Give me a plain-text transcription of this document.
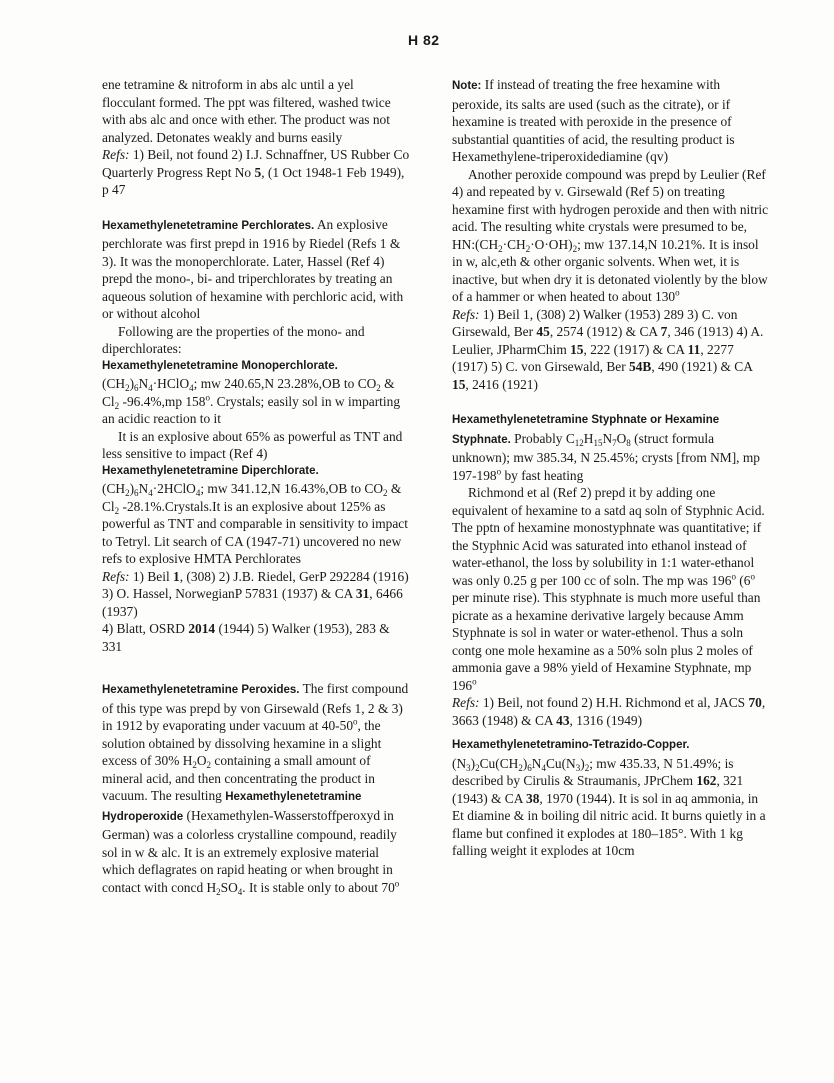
H 82

ene tetramine & nitroform in abs alc until a yel flocculant formed. The ppt was filtered, washed twice with abs alc and once with ether. The product was not analyzed. Detonates weakly and burns easily

Refs: 1) Beil, not found 2) I.J. Schnaffner, US Rubber Co Quarterly Progress Rept No 5, (1 Oct 1948-1 Feb 1949), p 47

Hexamethylenetetramine Perchlorates. An explosive perchlorate was first prepd in 1916 by Riedel (Refs 1 & 3). It was the monoperchlorate. Later, Hassel (Ref 4) prepd the mono-, bi- and triperchlorates by treating an aqueous solution of hexamine with perchloric acid, with or without alcohol

Following are the properties of the mono- and diperchlorates:

Hexamethylenetetramine Monoperchlorate.

$(CH_2)_6N_4\cdot HClO_4$; mw 240.65,N 23.28%,OB to $CO_2$ & $Cl_2$ -96.4%,mp 158$^o$. Crystals; easily sol in w imparting an acidic reaction to it

It is an explosive about 65% as powerful as TNT and less sensitive to impact (Ref 4)

Hexamethylenetetramine Diperchlorate.

$(CH_2)_6N_4\cdot 2HClO_4$; mw 341.12,N 16.43%,OB to $CO_2$ & $Cl_2$ -28.1%.Crystals.It is an explosive about 125% as powerful as TNT and comparable in sensitivity to impact to Tetryl. Lit search of CA (1947-71) uncovered no new refs to explosive HMTA Perchlorates

Refs: 1) Beil 1, (308) 2) J.B. Riedel, GerP 292284 (1916) 3) O. Hassel, NorwegianP 57831 (1937) & CA 31, 6466 (1937)

4) Blatt, OSRD 2014 (1944) 5) Walker (1953), 283 & 331

Hexamethylenetetramine Peroxides. The first compound of this type was prepd by von Girsewald (Refs 1, 2 & 3) in 1912 by evaporating under vacuum at 40-50$^o$, the solution obtained by dissolving hexamine in a slight excess of 30% $H_2O_2$ containing a small amount of mineral acid, and then concentrating the product in vacuum. The resulting Hexamethylenetetramine Hydroperoxide (Hexamethylen-Wasserstoffperoxyd in German) was a colorless crystalline compound, readily sol in w & alc. It is an extremely explosive material which deflagrates on rapid heating or when brought in contact with concd $H_2SO_4$. It is stable only to about 70$^o$

Note: If instead of treating the free hexamine with peroxide, its salts are used (such as the citrate), or if hexamine is treated with peroxide in the presence of substantial quantities of acid, the resulting product is Hexamethylene-triperoxidediamine (qv)

Another peroxide compound was prepd by Leulier (Ref 4) and repeated by v. Girsewald (Ref 5) on treating hexamine first with hydrogen peroxide and then with nitric acid. The resulting white crystals were presumed to be, $HN:(CH_2\cdot CH_2\cdot O\cdot OH)_2$; mw 137.14,N 10.21%. It is insol in w, alc,eth & other organic solvents. When wet, it is inactive, but when dry it is detonated violently by the blow of a hammer or when heated to about 130$^o$

Refs: 1) Beil 1, (308) 2) Walker (1953) 289 3) C. von Girsewald, Ber 45, 2574 (1912) & CA 7, 346 (1913) 4) A. Leulier, JPharmChim 15, 222 (1917) & CA 11, 2277 (1917) 5) C. von Girsewald, Ber 54B, 490 (1921) & CA 15, 2416 (1921)

Hexamethylenetetramine Styphnate or Hexamine Styphnate. Probably $C_{12}H_{15}N_7O_8$ (struct formula unknown); mw 385.34, N 25.45%; crysts [from NM], mp 197-198$^o$ by fast heating

Richmond et al (Ref 2) prepd it by adding one equivalent of hexamine to a satd aq soln of Styphnic Acid. The pptn of hexamine monostyphnate was quantitative; if the Styphnic Acid was saturated into ethanol instead of water-ethanol, the loss by solubility in 1:1 water-ethanol was only 0.25 g per 100 cc of soln. The mp was 196$^o$ (6$^o$ per minute rise). This styphnate is much more useful than picrate as a hexamine derivative largely because Amm Styphnate is sol in water or water-ethenol. Thus a soln contg one mole hexamine as a 50% soln plus 2 moles of ammonia gave a 98% yield of Hexamine Styphnate, mp 196$^o$

Refs: 1) Beil, not found 2) H.H. Richmond et al, JACS 70, 3663 (1948) & CA 43, 1316 (1949)

Hexamethylenetetramino-Tetrazido-Copper.

$(N_3)_2Cu(CH_2)_6N_4Cu(N_3)_2$; mw 435.33, N 51.49%; is described by Cirulis & Straumanis, JPrChem 162, 321 (1943) & CA 38, 1970 (1944). It is sol in aq ammonia, in Et diamine & in boiling dil nitric acid. It burns quietly in a flame but confined it explodes at 180–185°. With 1 kg falling weight it explodes at 10cm
